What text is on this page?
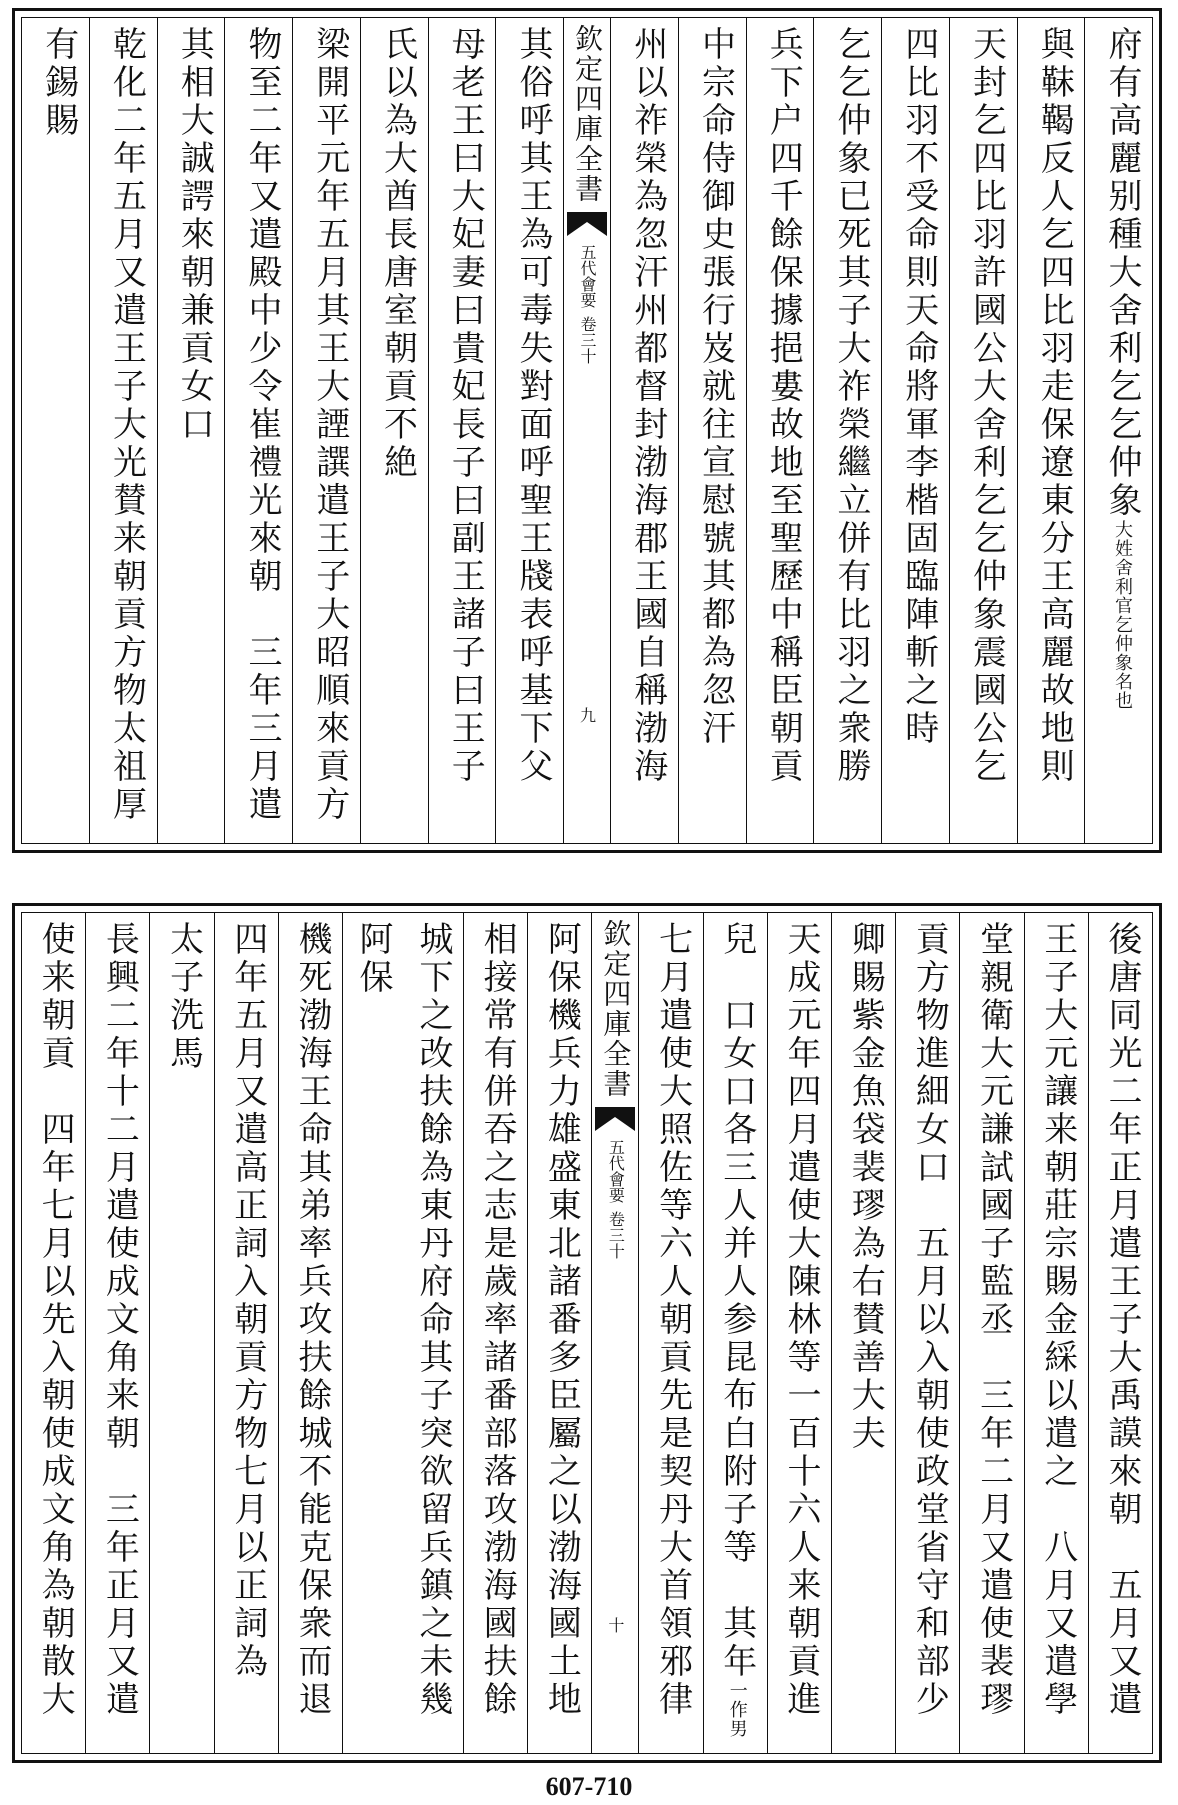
府有高麗别種大舍利乞乞仲象大姓舍利官乞仲象名也
與靺鞨反人乞四比羽走保遼東分王高麗故地則
天封乞四比羽許國公大舍利乞乞仲象震國公乞
四比羽不受命則天命將軍李楷固臨陣斬之時
乞乞仲象已死其子大祚榮繼立併有比羽之衆勝
兵下户四千餘保據挹婁故地至聖歷中稱臣朝貢
中宗命侍御史張行岌就往宣慰號其都為忽汗
州以祚榮為忽汗州都督封渤海郡王國自稱渤海
欽定四庫全書
五代會要
卷三十
九
其俗呼其王為可毒失對面呼聖王牋表呼基下父
母老王曰大妃妻曰貴妃長子曰副王諸子曰王子
氏以為大酋長唐室朝貢不絶
梁開平元年五月其王大諲譔遣王子大昭順來貢方
物至二年又遣殿中少令崔禮光來朝　三年三月遣
其相大誠諤來朝兼貢女口
乾化二年五月又遣王子大光賛来朝貢方物太祖厚
有錫賜
後唐同光二年正月遣王子大禹謨來朝　五月又遣
王子大元讓来朝莊宗賜金綵以遣之　八月又遣學
堂親衛大元謙試國子監丞　三年二月又遣使裴璆
貢方物進細女口　五月以入朝使政堂省守和部少
卿賜紫金魚袋裴璆為右賛善大夫
天成元年四月遣使大陳林等一百十六人来朝貢進
兒　口女口各三人并人参昆布白附子等　其年一作男
七月遣使大照佐等六人朝貢先是契丹大首領邪律
欽定四庫全書
五代會要
卷三十
十
阿保機兵力雄盛東北諸番多臣屬之以渤海國土地
相接常有併吞之志是歲率諸番部落攻渤海國扶餘
城下之改扶餘為東丹府命其子突欲留兵鎮之未幾阿保
機死渤海王命其弟率兵攻扶餘城不能克保衆而退
四年五月又遣高正詞入朝貢方物七月以正詞為
太子洗馬
長興二年十二月遣使成文角来朝　三年正月又遣
使来朝貢　四年七月以先入朝使成文角為朝散大
607-710
